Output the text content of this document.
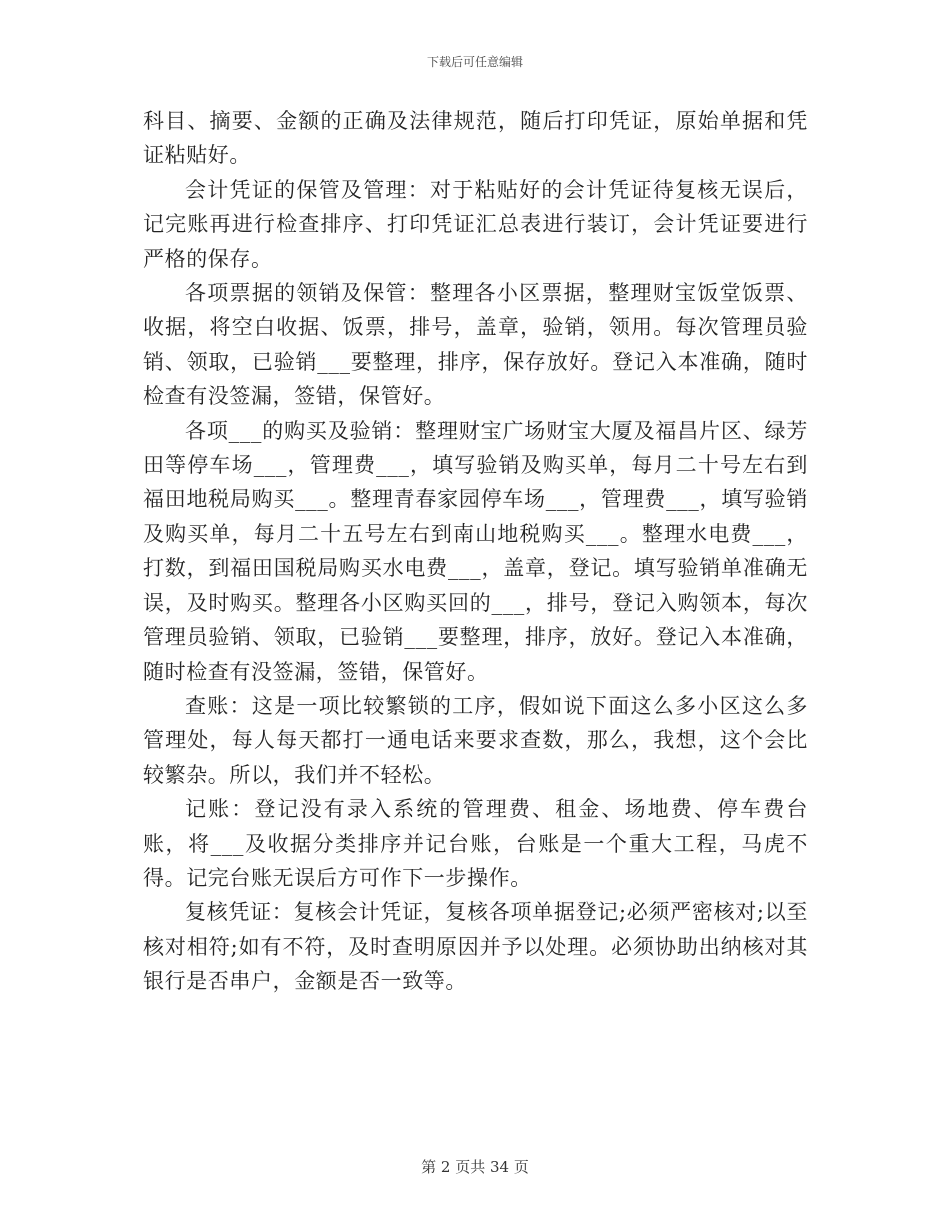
下载后可任意编辑

科目、摘要、金额的正确及法律规范，随后打印凭证，原始单据和凭证粘贴好。

会计凭证的保管及管理：对于粘贴好的会计凭证待复核无误后，记完账再进行检查排序、打印凭证汇总表进行装订，会计凭证要进行严格的保存。

各项票据的领销及保管：整理各小区票据，整理财宝饭堂饭票、收据，将空白收据、饭票，排号，盖章，验销，领用。每次管理员验销、领取，已验销___要整理，排序，保存放好。登记入本准确，随时检查有没签漏，签错，保管好。

各项___的购买及验销：整理财宝广场财宝大厦及福昌片区、绿芳田等停车场___，管理费___，填写验销及购买单，每月二十号左右到福田地税局购买___。整理青春家园停车场___，管理费___，填写验销及购买单，每月二十五号左右到南山地税购买___。整理水电费___，打数，到福田国税局购买水电费___，盖章，登记。填写验销单准确无误，及时购买。整理各小区购买回的___，排号，登记入购领本，每次管理员验销、领取，已验销___要整理，排序，放好。登记入本准确，随时检查有没签漏，签错，保管好。

查账：这是一项比较繁锁的工序，假如说下面这么多小区这么多管理处，每人每天都打一通电话来要求查数，那么，我想，这个会比较繁杂。所以，我们并不轻松。

记账：登记没有录入系统的管理费、租金、场地费、停车费台账，将___及收据分类排序并记台账，台账是一个重大工程，马虎不得。记完台账无误后方可作下一步操作。

复核凭证：复核会计凭证，复核各项单据登记;必须严密核对;以至核对相符;如有不符，及时查明原因并予以处理。必须协助出纳核对其银行是否串户，金额是否一致等。

第 2 页共 34 页
